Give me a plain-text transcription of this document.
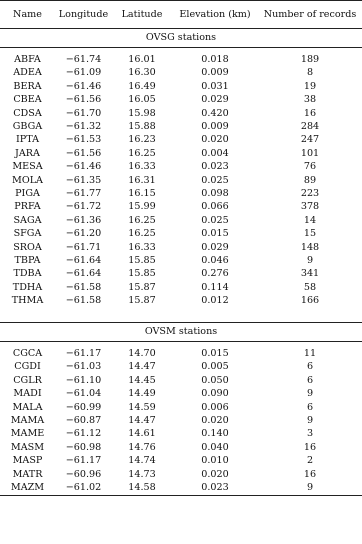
Name	Longitude	Latitude	Elevation (km)	Number of records
OVSG stations				

ABFA	−61.74	16.01	0.018	189
ADEA	−61.09	16.30	0.009	8
BERA	−61.46	16.49	0.031	19
CBEA	−61.56	16.05	0.029	38
CDSA	−61.70	15.98	0.420	16
GBGA	−61.32	15.88	0.009	284
IPTA	−61.53	16.23	0.020	247
JARA	−61.56	16.25	0.004	101
MESA	−61.46	16.33	0.023	76
MOLA	−61.35	16.31	0.025	89
PIGA	−61.77	16.15	0.098	223
PRFA	−61.72	15.99	0.066	378
SAGA	−61.36	16.25	0.025	14
SFGA	−61.20	16.25	0.015	15
SROA	−61.71	16.33	0.029	148
TBPA	−61.64	15.85	0.046	9
TDBA	−61.64	15.85	0.276	341
TDHA	−61.58	15.87	0.114	58
THMA	−61.58	15.87	0.012	166

OVSM stations				

CGCA	−61.17	14.70	0.015	11
CGDI	−61.03	14.47	0.005	6
CGLR	−61.10	14.45	0.050	6
MADI	−61.04	14.49	0.090	9
MALA	−60.99	14.59	0.006	6
MAMA	−60.87	14.47	0.020	9
MAME	−61.12	14.61	0.140	3
MASM	−60.98	14.76	0.040	16
MASP	−61.17	14.74	0.010	2
MATR	−60.96	14.73	0.020	16
MAZM	−61.02	14.58	0.023	9
